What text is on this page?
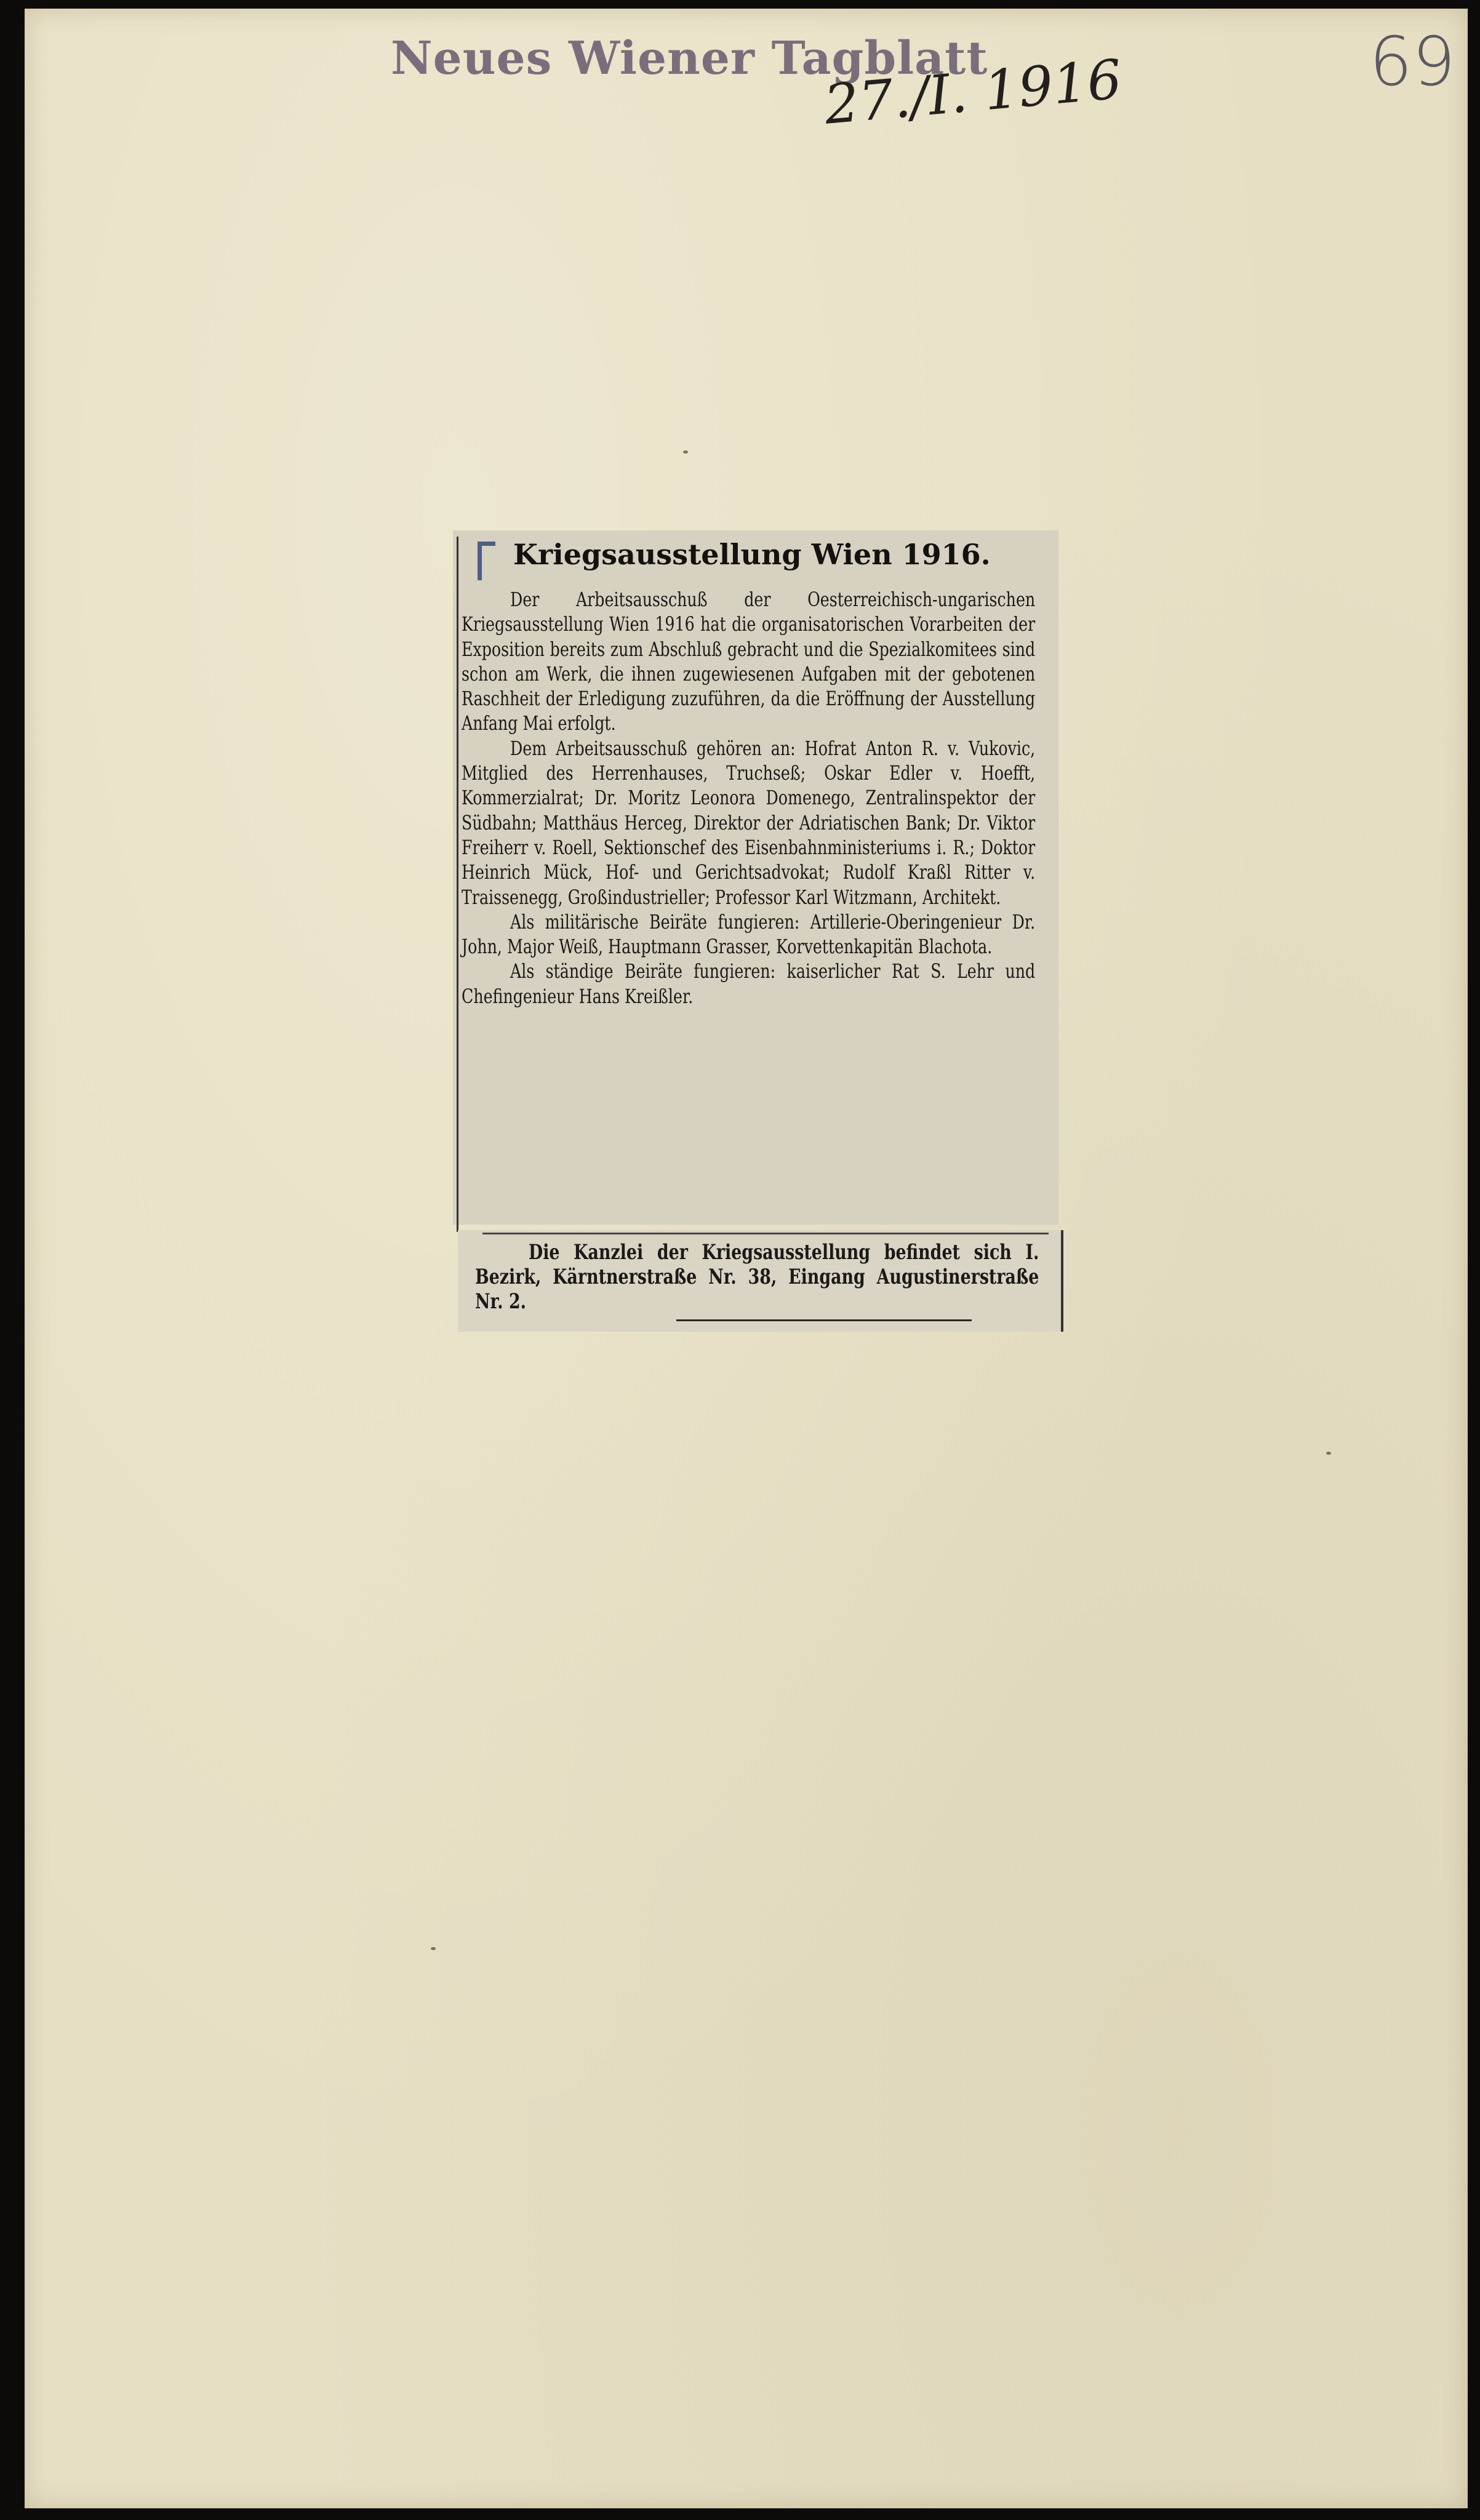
Neues Wiener Tagblatt
27./I. 1916	69
Kriegsausstellung Wien 1916.

Der Arbeitsausschuß der Oesterreichisch-ungarischen Kriegsausstellung Wien 1916 hat die organisatorischen Vorarbeiten der Exposition bereits zum Abschluß gebracht und die Spezialkomitees sind schon am Werk, die ihnen zugewiesenen Aufgaben mit der gebotenen Raschheit der Erledigung zuzuführen, da die Eröffnung der Ausstellung Anfang Mai erfolgt.

Dem Arbeitsausschuß gehören an: Hofrat Anton R. v. Vukovic, Mitglied des Herrenhauses, Truchseß; Oskar Edler v. Hoefft, Kommerzialrat; Dr. Moritz Leonora Domenego, Zentralinspektor der Südbahn; Matthäus Herceg, Direktor der Adriatischen Bank; Dr. Viktor Freiherr v. Roell, Sektionschef des Eisenbahnministeriums i. R.; Doktor Heinrich Mück, Hof- und Gerichtsadvokat; Rudolf Kraßl Ritter v. Traissenegg, Großindustrieller; Professor Karl Witzmann, Architekt.

Als militärische Beiräte fungieren: Artillerie-Oberingenieur Dr. John, Major Weiß, Hauptmann Grasser, Korvettenkapitän Blachota.

Als ständige Beiräte fungieren: kaiserlicher Rat S. Lehr und Chefingenieur Hans Kreißler.

Die Kanzlei der Kriegsausstellung befindet sich I. Bezirk, Kärntnerstraße Nr. 38, Eingang Augustinerstraße Nr. 2.
